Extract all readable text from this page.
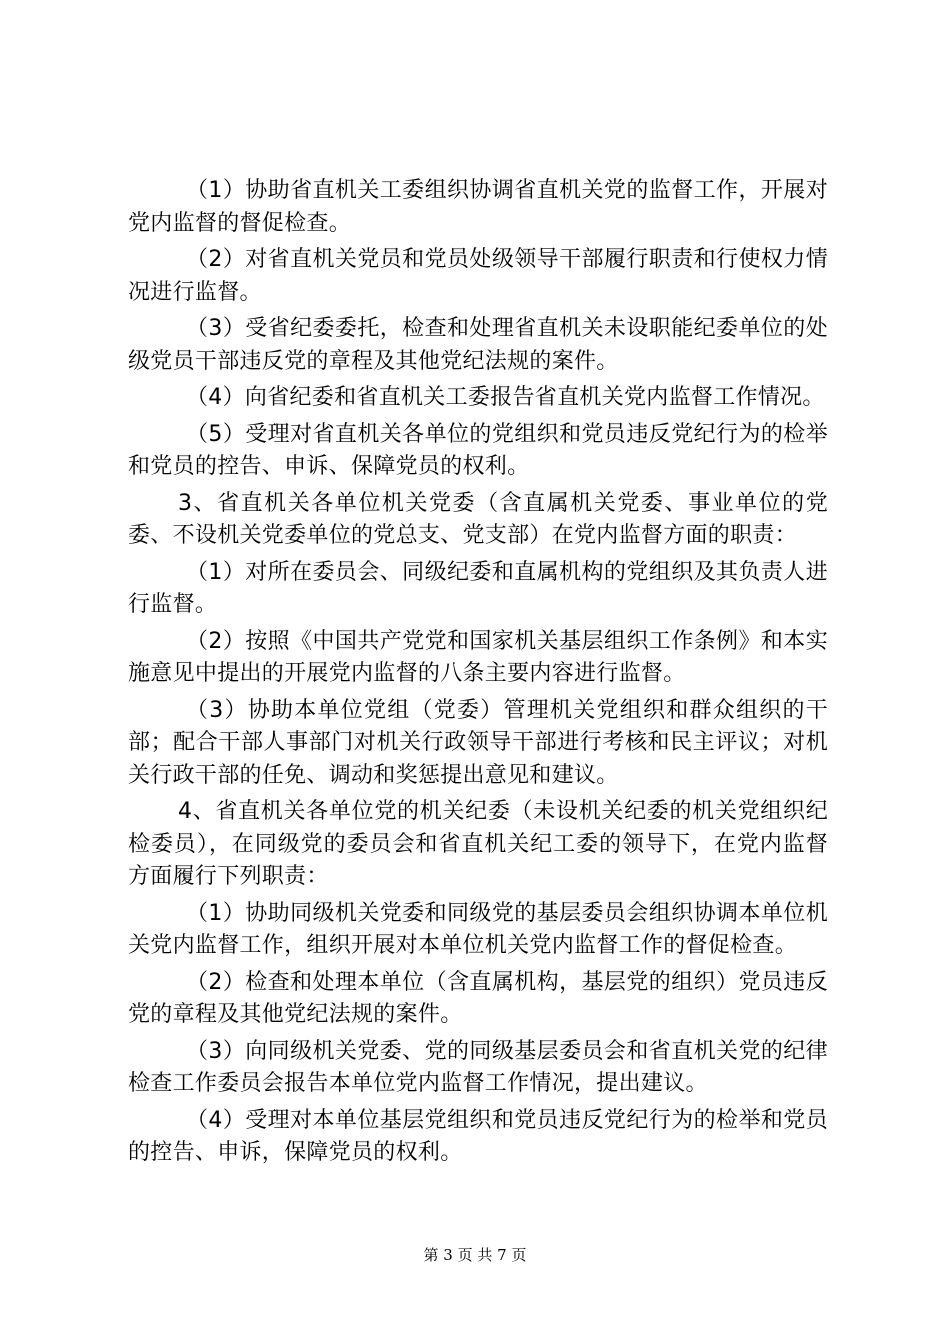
（1）协助省直机关工委组织协调省直机关党的监督工作，开展对党内监督的督促检查。

（2）对省直机关党员和党员处级领导干部履行职责和行使权力情况进行监督。

（3）受省纪委委托，检查和处理省直机关未设职能纪委单位的处级党员干部违反党的章程及其他党纪法规的案件。

（4）向省纪委和省直机关工委报告省直机关党内监督工作情况。

（5）受理对省直机关各单位的党组织和党员违反党纪行为的检举和党员的控告、申诉、保障党员的权利。

3、省直机关各单位机关党委（含直属机关党委、事业单位的党委、不设机关党委单位的党总支、党支部）在党内监督方面的职责：

（1）对所在委员会、同级纪委和直属机构的党组织及其负责人进行监督。

（2）按照《中国共产党党和国家机关基层组织工作条例》和本实施意见中提出的开展党内监督的八条主要内容进行监督。

（3）协助本单位党组（党委）管理机关党组织和群众组织的干部；配合干部人事部门对机关行政领导干部进行考核和民主评议；对机关行政干部的任免、调动和奖惩提出意见和建议。

4、省直机关各单位党的机关纪委（未设机关纪委的机关党组织纪检委员），在同级党的委员会和省直机关纪工委的领导下，在党内监督方面履行下列职责：

（1）协助同级机关党委和同级党的基层委员会组织协调本单位机关党内监督工作，组织开展对本单位机关党内监督工作的督促检查。

（2）检查和处理本单位（含直属机构，基层党的组织）党员违反党的章程及其他党纪法规的案件。

（3）向同级机关党委、党的同级基层委员会和省直机关党的纪律检查工作委员会报告本单位党内监督工作情况，提出建议。

（4）受理对本单位基层党组织和党员违反党纪行为的检举和党员的控告、申诉，保障党员的权利。

第 3 页 共 7 页
